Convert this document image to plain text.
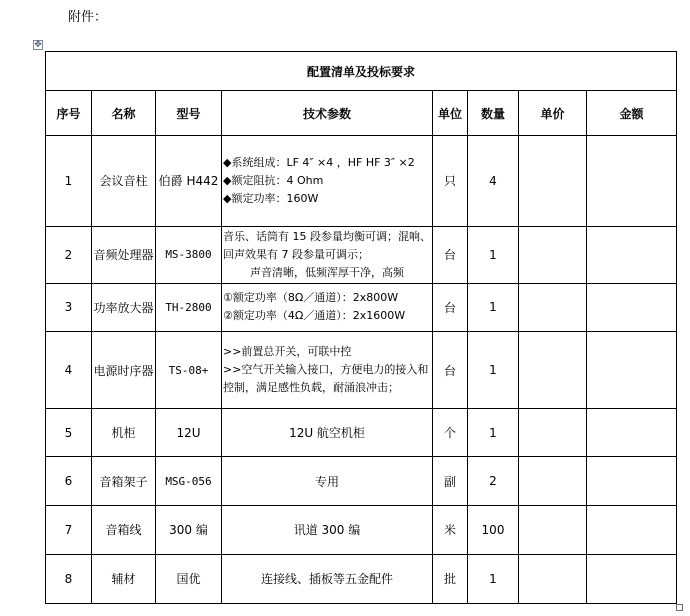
附件：
✥
配置清单及投标要求							
序号	名称	型号	技术参数	单位	数量	单价	金额
1	会议音柱	伯爵 H442	◆系统组成：LF 4″ ×4 ，HF HF 3″ ×2
◆额定阻抗：4 Ohm
◆额定功率：160W	只	4		
2	音频处理器	MS-3800	音乐、话筒有 15 段参量均衡可调；混响、回声效果有 7 段参量可调示；
声音清晰，低频浑厚干净，高频	台	1		
3	功率放大器	TH-2800	①额定功率（8Ω／通道）：2x800W
②额定功率（4Ω／通道）：2x1600W	台	1		
4	电源时序器	TS-08+	>>前置总开关，可联中控
>>空气开关输入接口，方便电力的接入和控制，满足感性负载，耐涌浪冲击；	台	1		
5	机柜	12U	12U 航空机柜	个	1		
6	音箱架子	MSG-056	专用	副	2		
7	音箱线	300 编	讯道 300 编	米	100		
8	辅材	国优	连接线、插板等五金配件	批	1		
